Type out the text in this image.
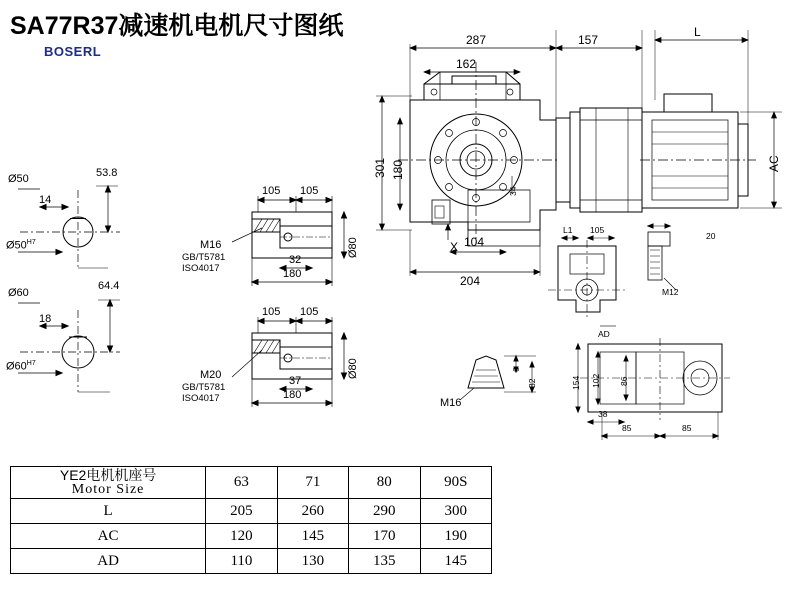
SA77R37减速机电机尺寸图纸
BOSERL
Ø50	53.8
14
$Ø50^{H7}$
Ø60
64.4
18
$Ø60^{H7}$
105 105
M16
GB/T5781
ISO4017
32
180
Ø80
105 105
M20
GB/T5781
ISO4017
37
180
Ø80
287
162
157
L
301 180
34
AC
104
204
X
L1 105
20
M12
AD
M16
6
32	154 102 86
38
85	85
YE2电机机座号
Motor Size	63	71	80	90S
L	205	260	290	300
AC	120	145	170	190
AD	110	130	135	145
